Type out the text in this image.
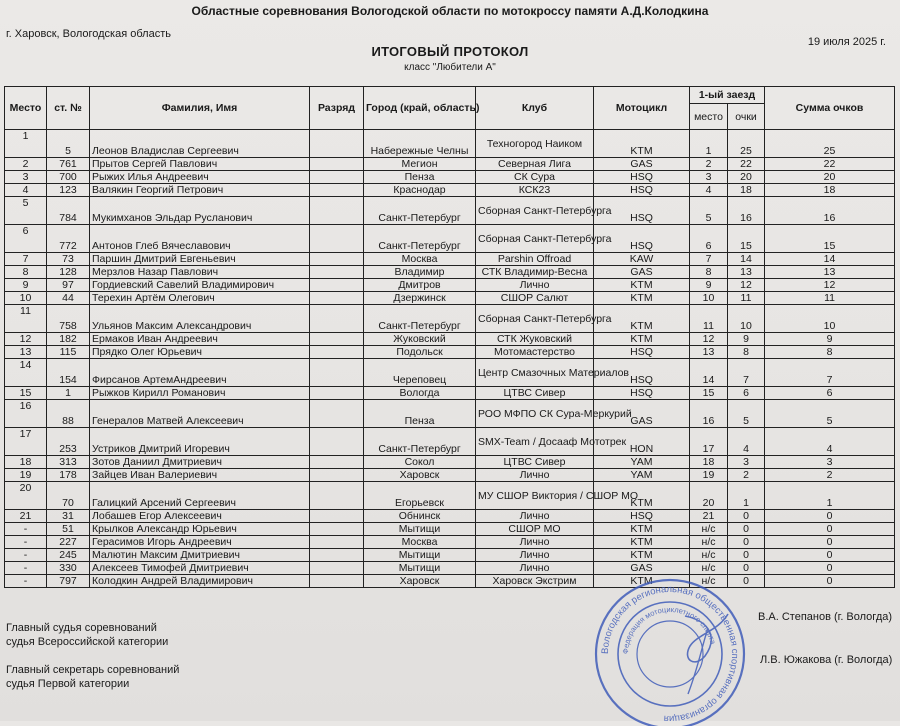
Областные соревнования Вологодской области по мотокроссу памяти А.Д.Колодкина
г. Харовск, Вологодская область
19 июля 2025 г.
ИТОГОВЫЙ ПРОТОКОЛ
класс "Любители А"
Место	ст. №	Фамилия, Имя	Разряд	Город (край, область)	Клуб	Мотоцикл	1-ый заезд		Сумма очков
							место	очки	
1	5	Леонов Владислав Сергеевич		Набережные Челны	Техногород Наиком	KTM	1	25	25
2	761	Прытов Сергей Павлович		Мегион	Северная Лига	GAS	2	22	22
3	700	Рыжих Илья Андреевич		Пенза	СК Сура	HSQ	3	20	20
4	123	Валякин Георгий Петрович		Краснодар	КСК23	HSQ	4	18	18
5	784	Мукимханов Эльдар Русланович		Санкт-Петербург	Сборная Санкт-Петербурга	HSQ	5	16	16
6	772	Антонов Глеб Вячеславович		Санкт-Петербург	Сборная Санкт-Петербурга	HSQ	6	15	15
7	73	Паршин Дмитрий Евгеньевич		Москва	Parshin Offroad	KAW	7	14	14
8	128	Мерзлов Назар Павлович		Владимир	СТК Владимир-Весна	GAS	8	13	13
9	97	Гордиевский Савелий Владимирович		Дмитров	Лично	KTM	9	12	12
10	44	Терехин Артём Олегович		Дзержинск	СШОР Салют	KTM	10	11	11
11	758	Ульянов Максим Александрович		Санкт-Петербург	Сборная Санкт-Петербурга	KTM	11	10	10
12	182	Ермаков Иван Андреевич		Жуковский	СТК Жуковский	KTM	12	9	9
13	115	Прядко Олег Юрьевич		Подольск	Мотомастерство	HSQ	13	8	8
14	154	Фирсанов АртемАндреевич		Череповец	Центр Смазочных Материалов	HSQ	14	7	7
15	1	Рыжков Кирилл Романович		Вологда	ЦТВС Сивер	HSQ	15	6	6
16	88	Генералов Матвей Алексеевич		Пенза	РОО МФПО СК Сура-Меркурий	GAS	16	5	5
17	253	Устриков Дмитрий Игоревич		Санкт-Петербург	SMX-Team / Досааф Мототрек	HON	17	4	4
18	313	Зотов Даниил Дмитриевич		Сокол	ЦТВС Сивер	YAM	18	3	3
19	178	Зайцев Иван Валериевич		Харовск	Лично	YAM	19	2	2
20	70	Галицкий Арсений Сергеевич		Егорьевск	МУ СШОР Виктория / СШОР МО	KTM	20	1	1
21	31	Лобашев Егор Алексеевич		Обнинск	Лично	HSQ	21	0	0
-	51	Крылков Александр Юрьевич		Мытищи	СШОР МО	KTM	н/с	0	0
-	227	Герасимов Игорь Андреевич		Москва	Лично	KTM	н/с	0	0
-	245	Малютин Максим Дмитриевич		Мытищи	Лично	KTM	н/с	0	0
-	330	Алексеев Тимофей Дмитриевич		Мытищи	Лично	GAS	н/с	0	0
-	797	Колодкин Андрей Владимирович		Харовск	Харовск Экстрим	KTM	н/с	0	0
Главный судья соревнований
судья Всероссийской категории
В.А. Степанов (г. Вологда)
Главный секретарь соревнований
судья Первой категории
Л.В. Южакова (г. Вологда)
Вологодская региональная общественная спортивная организация
Федерация мотоциклетного спорта
